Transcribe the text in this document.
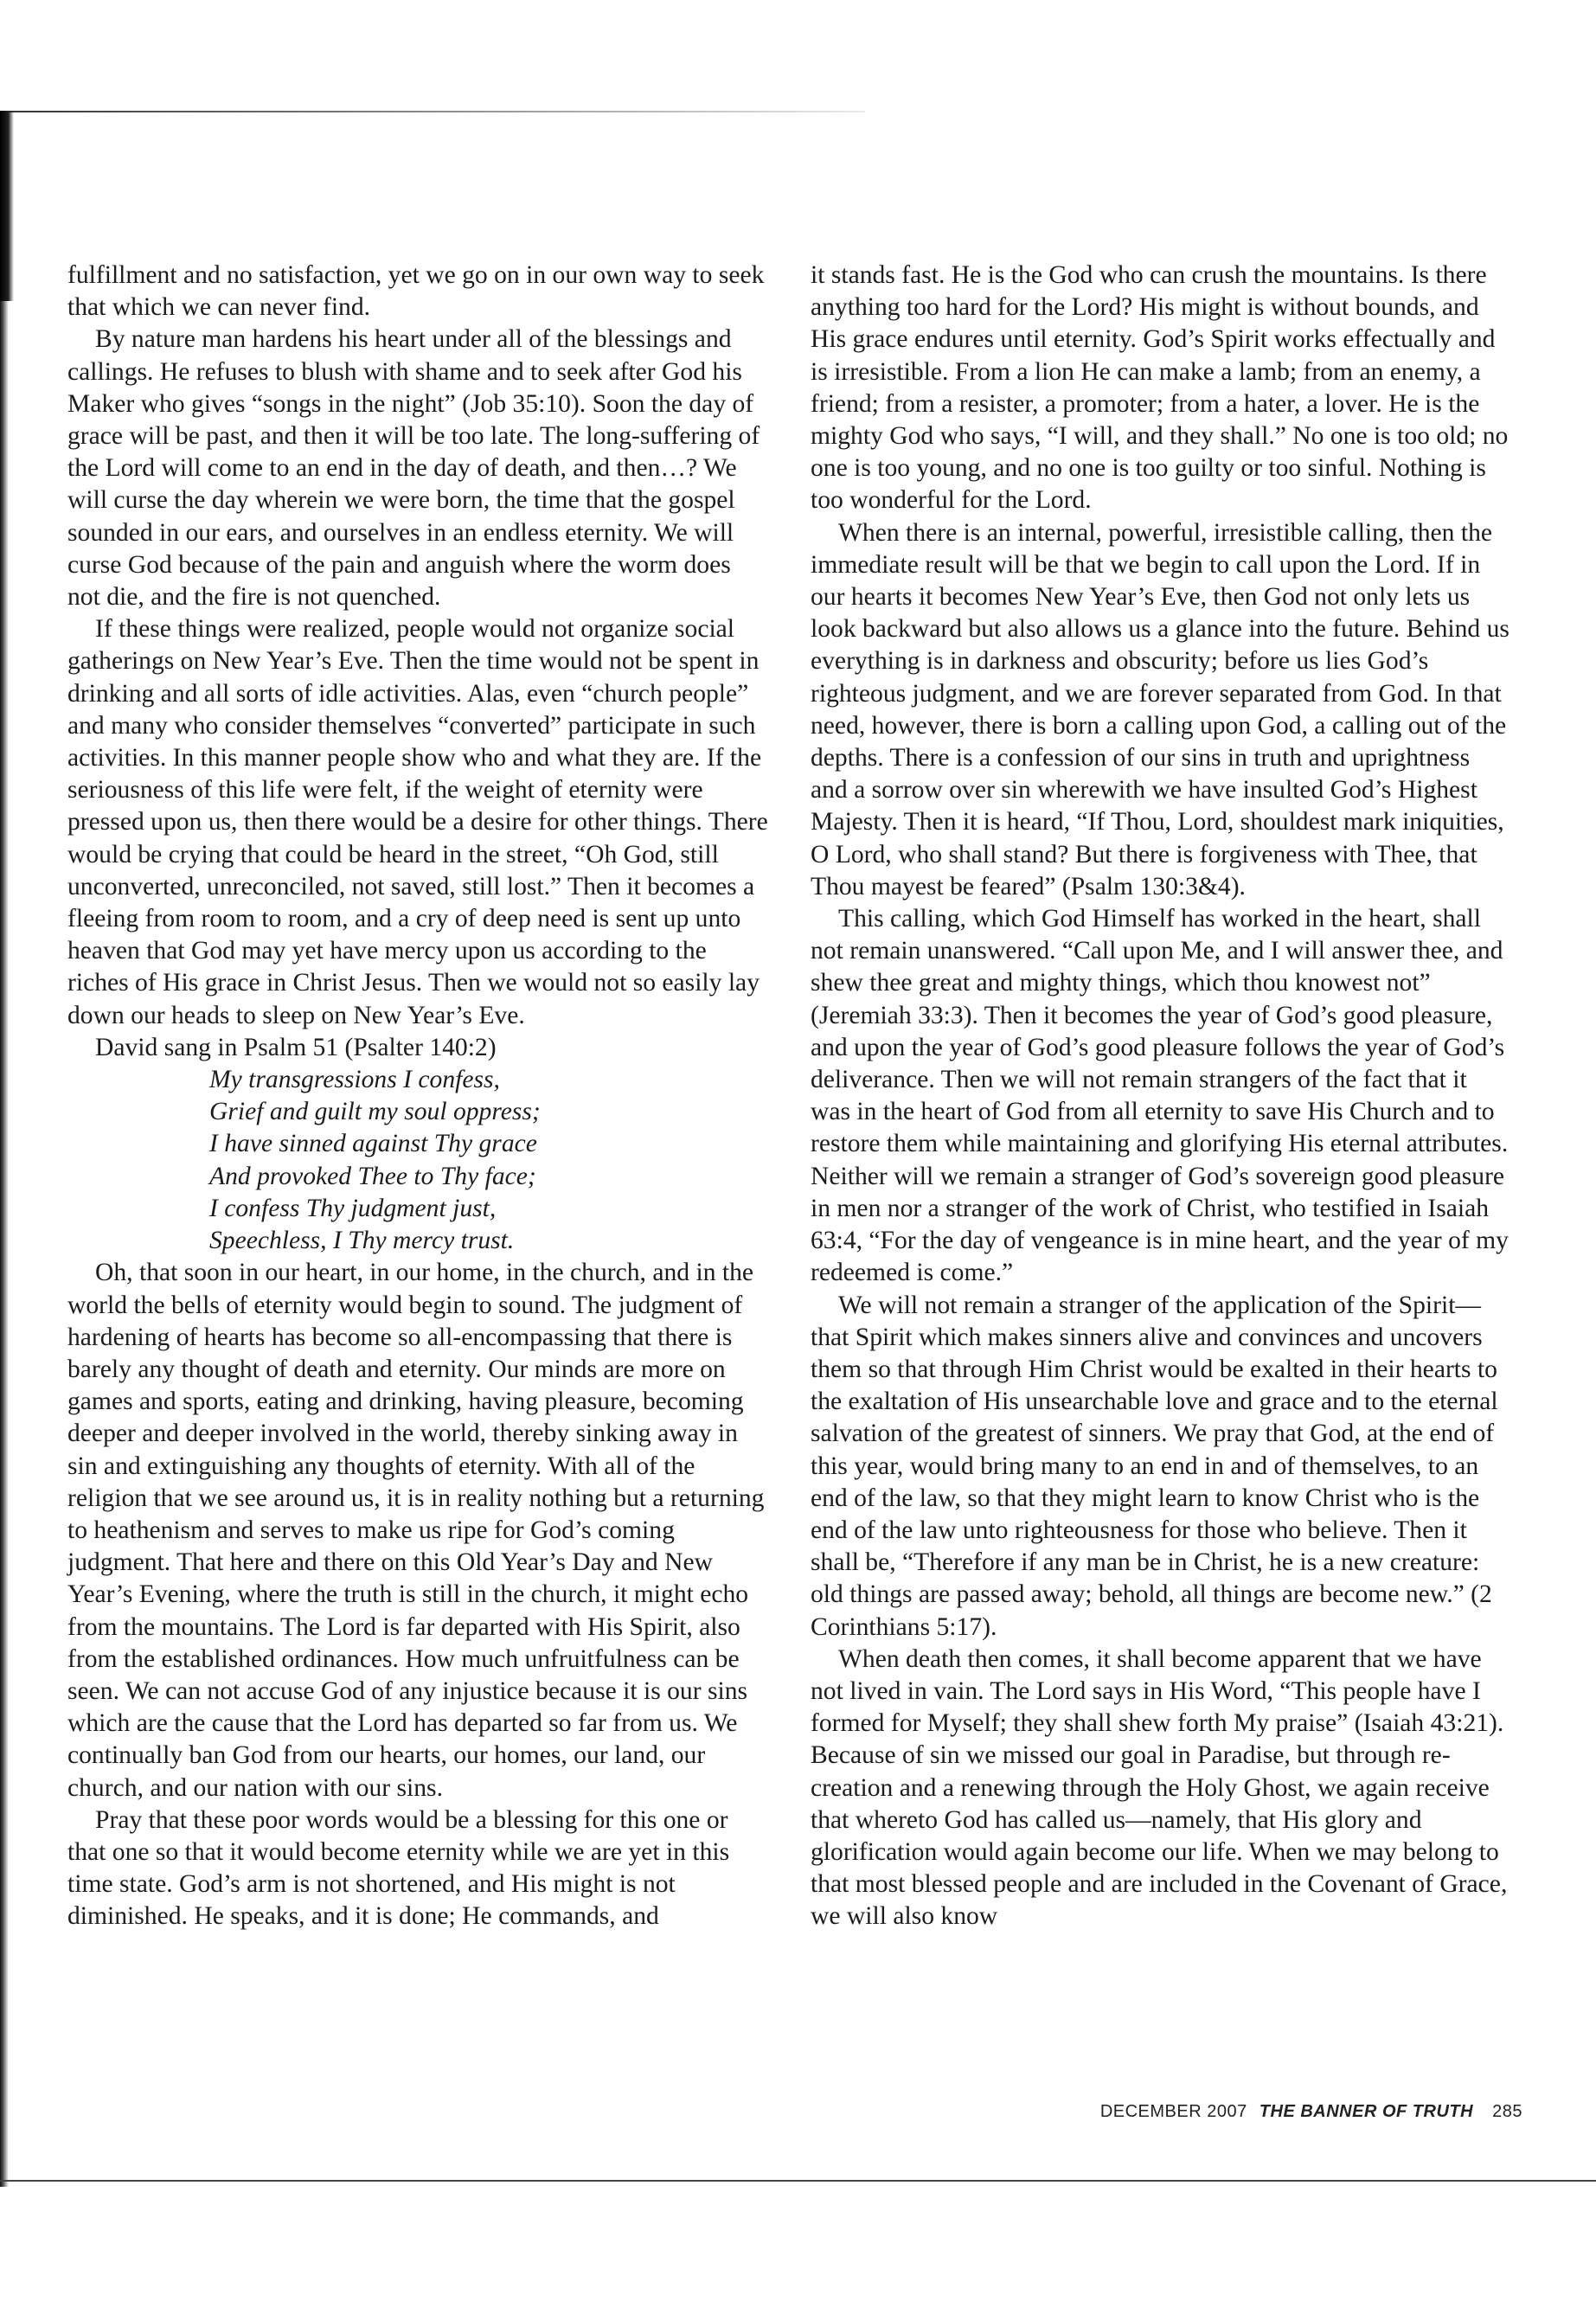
fulfillment and no satisfaction, yet we go on in our own way to seek that which we can never find.

By nature man hardens his heart under all of the blessings and callings. He refuses to blush with shame and to seek after God his Maker who gives “songs in the night” (Job 35:10). Soon the day of grace will be past, and then it will be too late. The long-suffering of the Lord will come to an end in the day of death, and then…? We will curse the day wherein we were born, the time that the gospel sounded in our ears, and ourselves in an endless eternity. We will curse God because of the pain and anguish where the worm does not die, and the fire is not quenched.

If these things were realized, people would not organize social gatherings on New Year’s Eve. Then the time would not be spent in drinking and all sorts of idle activities. Alas, even “church people” and many who consider themselves “converted” participate in such activities. In this manner people show who and what they are. If the seriousness of this life were felt, if the weight of eternity were pressed upon us, then there would be a desire for other things. There would be crying that could be heard in the street, “Oh God, still unconverted, unreconciled, not saved, still lost.” Then it becomes a fleeing from room to room, and a cry of deep need is sent up unto heaven that God may yet have mercy upon us according to the riches of His grace in Christ Jesus. Then we would not so easily lay down our heads to sleep on New Year’s Eve.

David sang in Psalm 51 (Psalter 140:2)

My transgressions I confess,
Grief and guilt my soul oppress;
I have sinned against Thy grace
And provoked Thee to Thy face;
I confess Thy judgment just,
Speechless, I Thy mercy trust.

Oh, that soon in our heart, in our home, in the church, and in the world the bells of eternity would begin to sound. The judgment of hardening of hearts has become so all-encompassing that there is barely any thought of death and eternity. Our minds are more on games and sports, eating and drinking, having pleasure, becoming deeper and deeper involved in the world, thereby sinking away in sin and extinguishing any thoughts of eternity. With all of the religion that we see around us, it is in reality nothing but a returning to heathenism and serves to make us ripe for God’s coming judgment. That here and there on this Old Year’s Day and New Year’s Evening, where the truth is still in the church, it might echo from the mountains. The Lord is far departed with His Spirit, also from the established ordinances. How much unfruitfulness can be seen. We can not accuse God of any injustice because it is our sins which are the cause that the Lord has departed so far from us. We continually ban God from our hearts, our homes, our land, our church, and our nation with our sins.

Pray that these poor words would be a blessing for this one or that one so that it would become eternity while we are yet in this time state. God’s arm is not shortened, and His might is not diminished. He speaks, and it is done; He commands, and

it stands fast. He is the God who can crush the mountains. Is there anything too hard for the Lord? His might is without bounds, and His grace endures until eternity. God’s Spirit works effectually and is irresistible. From a lion He can make a lamb; from an enemy, a friend; from a resister, a promoter; from a hater, a lover. He is the mighty God who says, “I will, and they shall.” No one is too old; no one is too young, and no one is too guilty or too sinful. Nothing is too wonderful for the Lord.

When there is an internal, powerful, irresistible calling, then the immediate result will be that we begin to call upon the Lord. If in our hearts it becomes New Year’s Eve, then God not only lets us look backward but also allows us a glance into the future. Behind us everything is in darkness and obscurity; before us lies God’s righteous judgment, and we are forever separated from God. In that need, however, there is born a calling upon God, a calling out of the depths. There is a confession of our sins in truth and uprightness and a sorrow over sin wherewith we have insulted God’s Highest Majesty. Then it is heard, “If Thou, Lord, shouldest mark iniquities, O Lord, who shall stand? But there is forgiveness with Thee, that Thou mayest be feared” (Psalm 130:3&4).

This calling, which God Himself has worked in the heart, shall not remain unanswered. “Call upon Me, and I will answer thee, and shew thee great and mighty things, which thou knowest not” (Jeremiah 33:3). Then it becomes the year of God’s good pleasure, and upon the year of God’s good pleasure follows the year of God’s deliverance. Then we will not remain strangers of the fact that it was in the heart of God from all eternity to save His Church and to restore them while maintaining and glorifying His eternal attributes. Neither will we remain a stranger of God’s sovereign good pleasure in men nor a stranger of the work of Christ, who testified in Isaiah 63:4, “For the day of vengeance is in mine heart, and the year of my redeemed is come.”

We will not remain a stranger of the application of the Spirit—that Spirit which makes sinners alive and convinces and uncovers them so that through Him Christ would be exalted in their hearts to the exaltation of His unsearchable love and grace and to the eternal salvation of the greatest of sinners. We pray that God, at the end of this year, would bring many to an end in and of themselves, to an end of the law, so that they might learn to know Christ who is the end of the law unto righteousness for those who believe. Then it shall be, “Therefore if any man be in Christ, he is a new creature: old things are passed away; behold, all things are become new.” (2 Corinthians 5:17).

When death then comes, it shall become apparent that we have not lived in vain. The Lord says in His Word, “This people have I formed for Myself; they shall shew forth My praise” (Isaiah 43:21). Because of sin we missed our goal in Paradise, but through re-creation and a renewing through the Holy Ghost, we again receive that whereto God has called us—namely, that His glory and glorification would again become our life. When we may belong to that most blessed people and are included in the Covenant of Grace, we will also know

DECEMBER 2007 THE BANNER OF TRUTH 285
